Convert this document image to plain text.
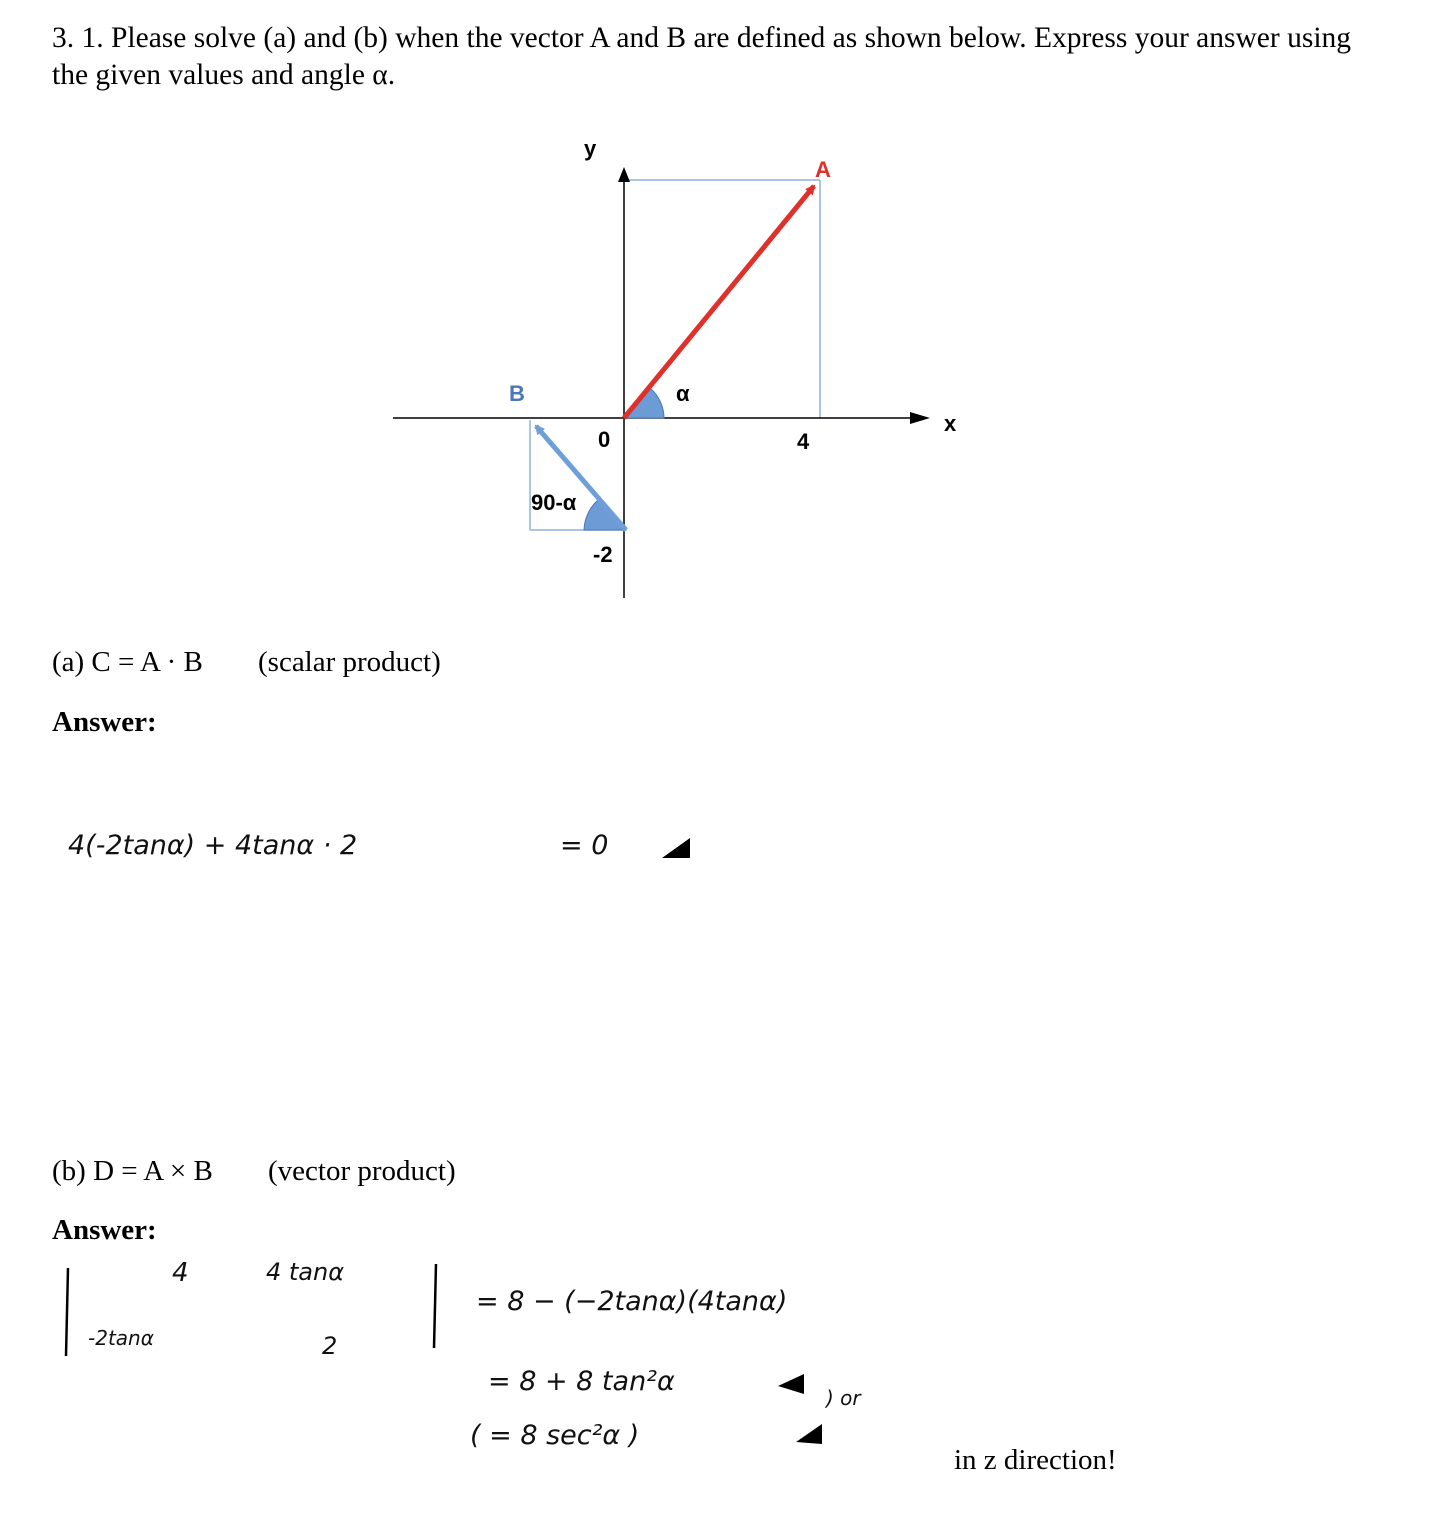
3. 1. Please solve (a) and (b) when the vector A and B are defined as shown below. Express your answer using
the given values and angle α.
y
x
A
B	α
0	4
-2
90-α
(a) C = A · B (scalar product)
Answer:
4(-2tanα) + 4tanα · 2	= 0
(b) D = A × B (vector product)
Answer:
4	4 tanα
-2tanα	2
= 8 − (−2tanα)(4tanα)
= 8 + 8 tan²α
) or
( = 8 sec²α )
in z direction!
